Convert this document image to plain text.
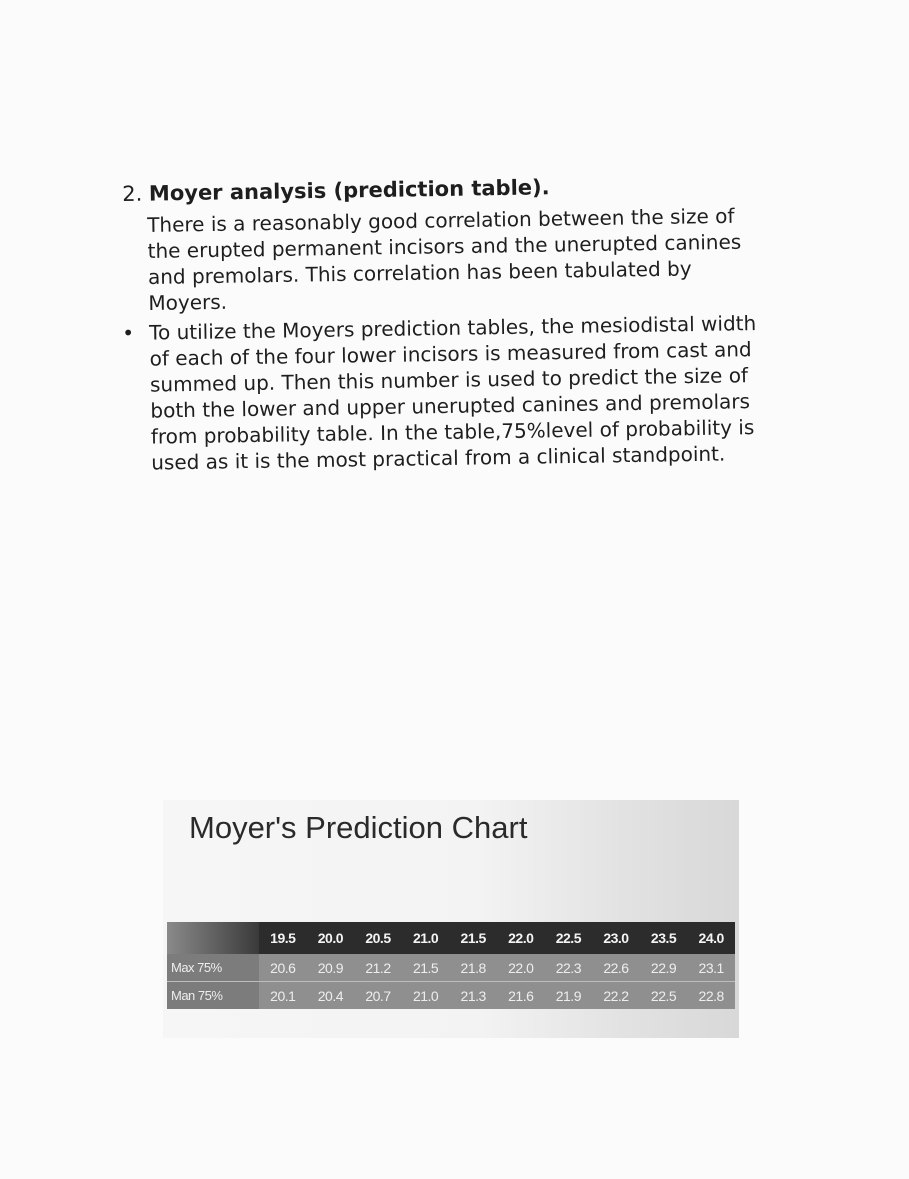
2. Moyer analysis (prediction table).

There is a reasonably good correlation between the size of the erupted permanent incisors and the unerupted canines and premolars. This correlation has been tabulated by Moyers.

• To utilize the Moyers prediction tables, the mesiodistal width of each of the four lower incisors is measured from cast and summed up. Then this number is used to predict the size of both the lower and upper unerupted canines and premolars from probability table. In the table,75%level of probability is used as it is the most practical from a clinical standpoint.

Moyer's Prediction Chart
	19.5	20.0	20.5	21.0	21.5	22.0	22.5	23.0	23.5	24.0
Max 75%	20.6	20.9	21.2	21.5	21.8	22.0	22.3	22.6	22.9	23.1
Man 75%	20.1	20.4	20.7	21.0	21.3	21.6	21.9	22.2	22.5	22.8
